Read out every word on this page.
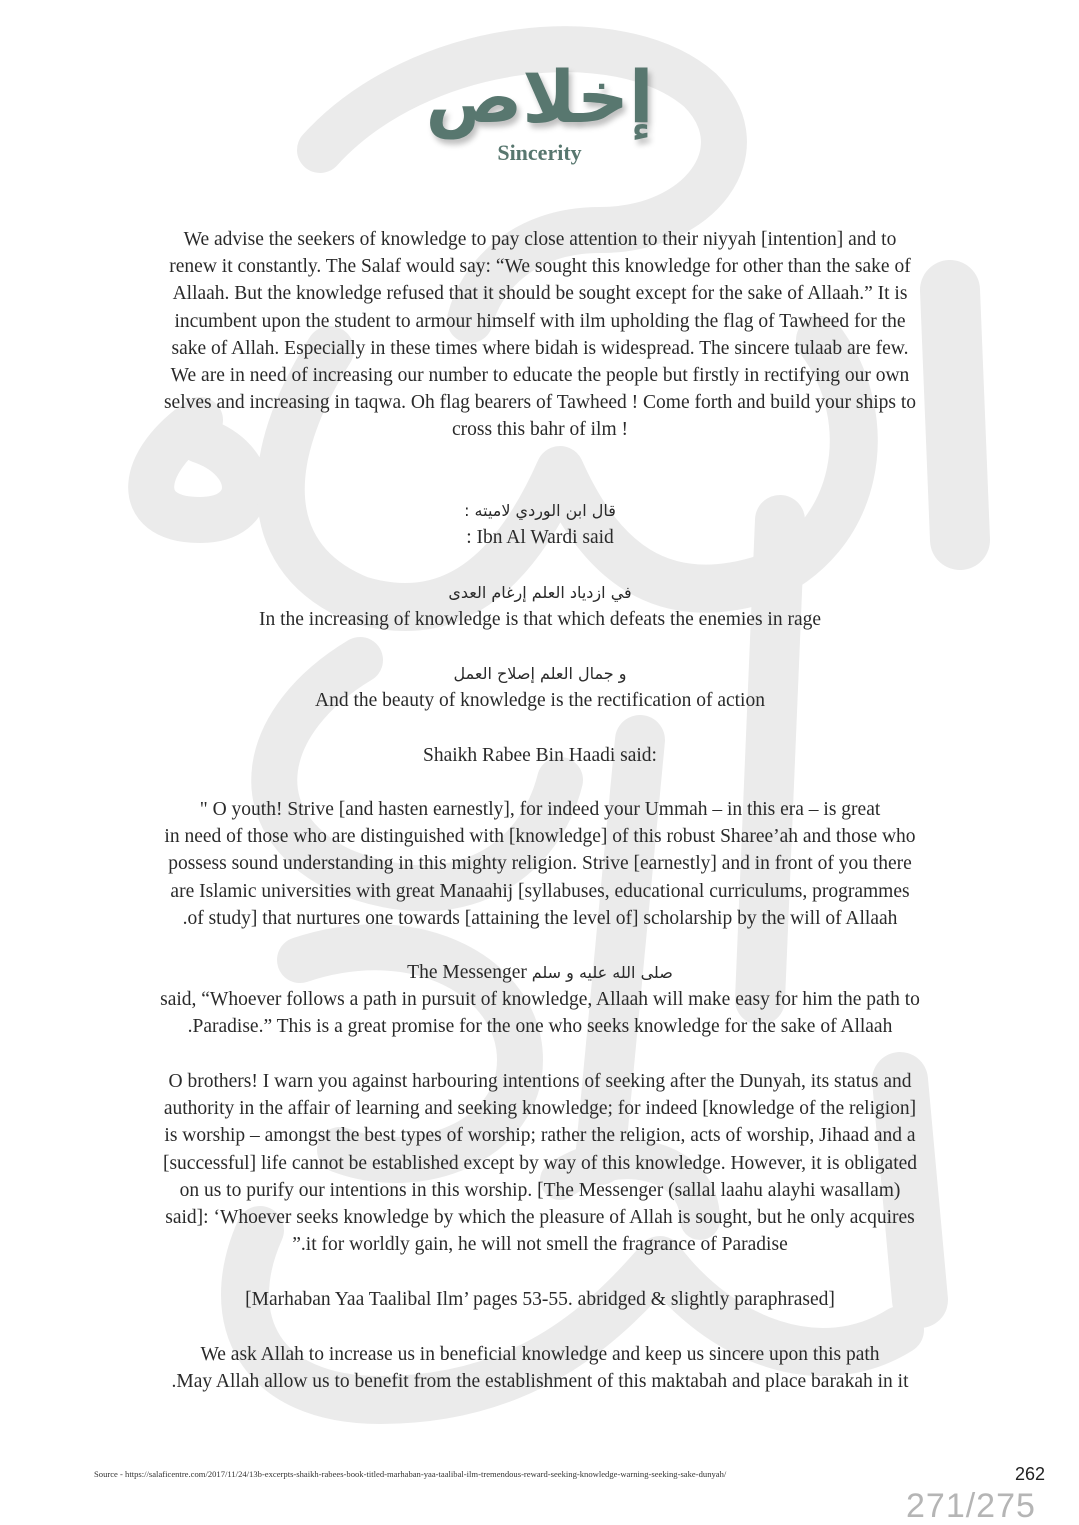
إخلاص
Sincerity
We advise the seekers of knowledge to pay close attention to their niyyah [intention] and to
renew it constantly. The Salaf would say: “We sought this knowledge for other than the sake of
Allaah. But the knowledge refused that it should be sought except for the sake of Allaah.” It is
incumbent upon the student to armour himself with ilm upholding the flag of Tawheed for the
sake of Allah. Especially in these times where bidah is widespread. The sincere tulaab are few.
We are in need of increasing our number to educate the people but firstly in rectifying our own
selves and increasing in taqwa. Oh flag bearers of Tawheed ! Come forth and build your ships to
cross this bahr of ilm !
قال ابن الوردي لاميته :
: Ibn Al Wardi said
في ازدياد العلم إرغام العدى
In the increasing of knowledge is that which defeats the enemies in rage
و جمال العلم إصلاح العمل
And the beauty of knowledge is the rectification of action
Shaikh Rabee Bin Haadi said:
" O youth! Strive [and hasten earnestly], for indeed your Ummah – in this era – is great
in need of those who are distinguished with [knowledge] of this robust Sharee’ah and those who
possess sound understanding in this mighty religion. Strive [earnestly] and in front of you there
are Islamic universities with great Manaahij [syllabuses, educational curriculums, programmes
.of study] that nurtures one towards [attaining the level of] scholarship by the will of Allaah
The Messenger صلى الله عليه و سلم
said, “Whoever follows a path in pursuit of knowledge, Allaah will make easy for him the path to
.Paradise.” This is a great promise for the one who seeks knowledge for the sake of Allaah
O brothers! I warn you against harbouring intentions of seeking after the Dunyah, its status and
authority in the affair of learning and seeking knowledge; for indeed [knowledge of the religion]
is worship – amongst the best types of worship; rather the religion, acts of worship, Jihaad and a
[successful] life cannot be established except by way of this knowledge. However, it is obligated
on us to purify our intentions in this worship. [The Messenger (sallal laahu alayhi wasallam)
said]: ‘Whoever seeks knowledge by which the pleasure of Allah is sought, but he only acquires
”.it for worldly gain, he will not smell the fragrance of Paradise
[Marhaban Yaa Taalibal Ilm’ pages 53-55. abridged & slightly paraphrased]
We ask Allah to increase us in beneficial knowledge and keep us sincere upon this path
.May Allah allow us to benefit from the establishment of this maktabah and place barakah in it
Source - https://salaficentre.com/2017/11/24/13b-excerpts-shaikh-rabees-book-titled-marhaban-yaa-taalibal-ilm-tremendous-reward-seeking-knowledge-warning-seeking-sake-dunyah/	262
271/275
